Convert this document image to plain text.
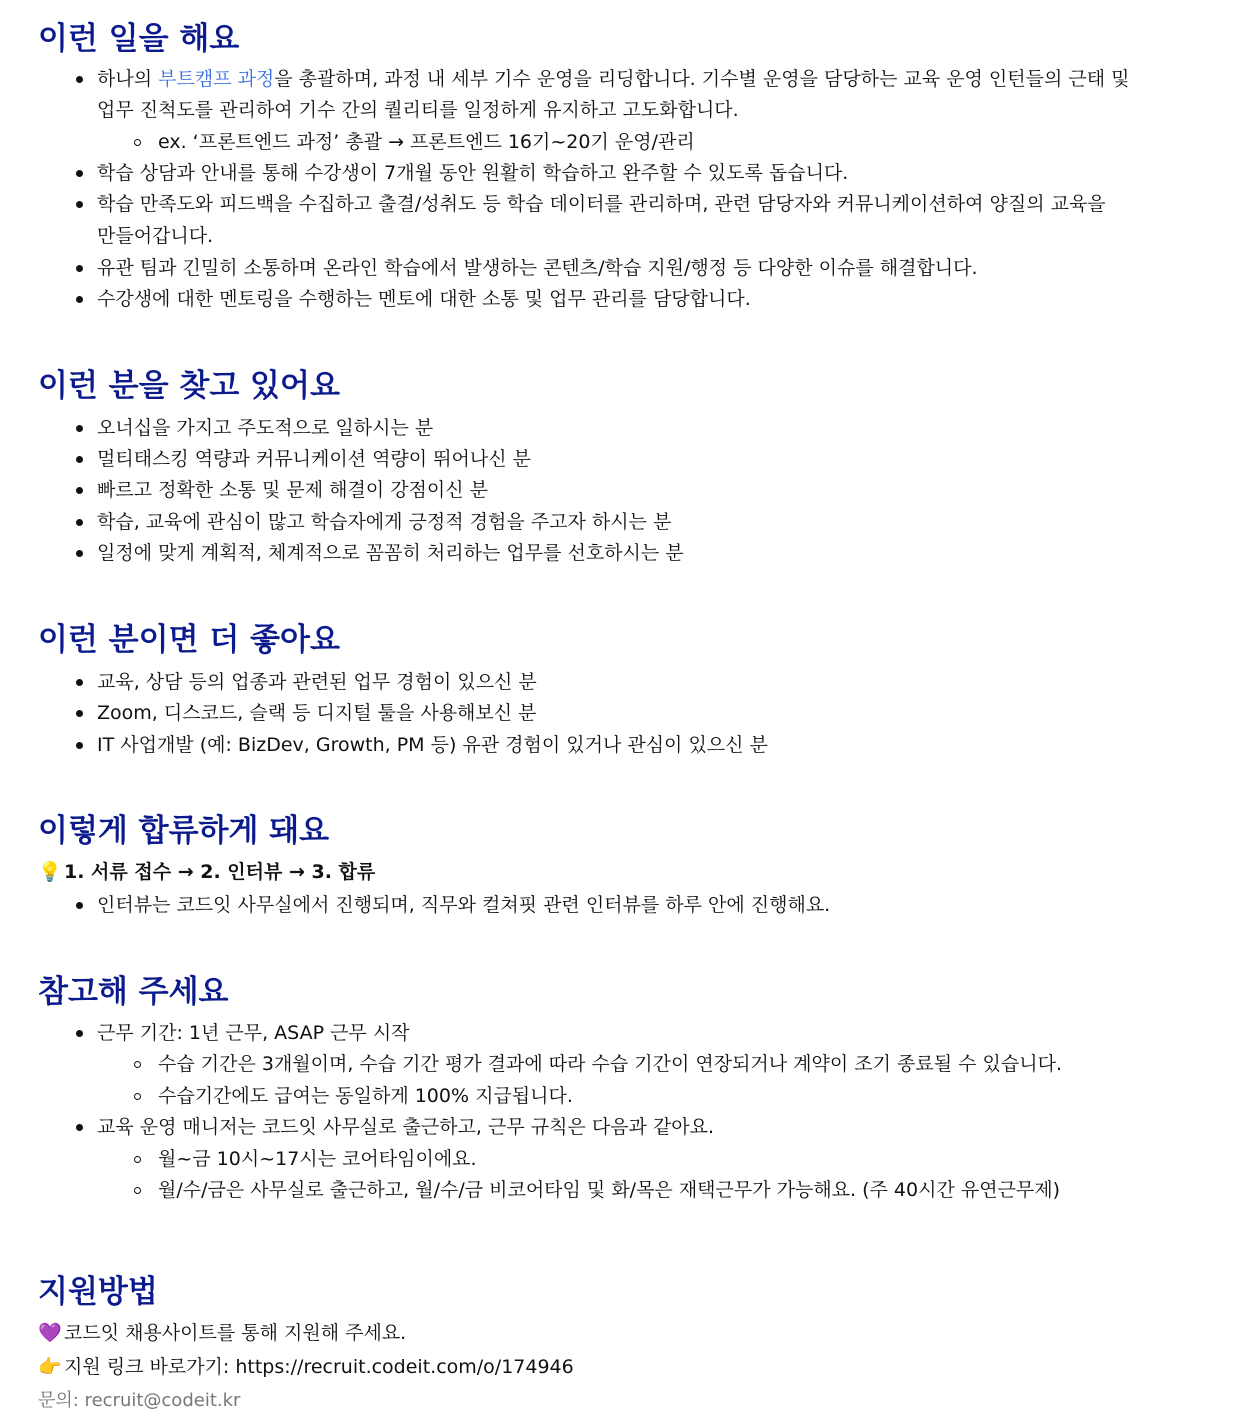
이런 일을 해요
하나의 부트캠프 과정을 총괄하며, 과정 내 세부 기수 운영을 리딩합니다. 기수별 운영을 담당하는 교육 운영 인턴들의 근태 및
업무 진척도를 관리하여 기수 간의 퀄리티를 일정하게 유지하고 고도화합니다.
ex. ‘프론트엔드 과정’ 총괄 → 프론트엔드 16기~20기 운영/관리
학습 상담과 안내를 통해 수강생이 7개월 동안 원활히 학습하고 완주할 수 있도록 돕습니다.
학습 만족도와 피드백을 수집하고 출결/성취도 등 학습 데이터를 관리하며, 관련 담당자와 커뮤니케이션하여 양질의 교육을
만들어갑니다.
유관 팀과 긴밀히 소통하며 온라인 학습에서 발생하는 콘텐츠/학습 지원/행정 등 다양한 이슈를 해결합니다.
수강생에 대한 멘토링을 수행하는 멘토에 대한 소통 및 업무 관리를 담당합니다.
이런 분을 찾고 있어요
오너십을 가지고 주도적으로 일하시는 분
멀티태스킹 역량과 커뮤니케이션 역량이 뛰어나신 분
빠르고 정확한 소통 및 문제 해결이 강점이신 분
학습, 교육에 관심이 많고 학습자에게 긍정적 경험을 주고자 하시는 분
일정에 맞게 계획적, 체계적으로 꼼꼼히 처리하는 업무를 선호하시는 분
이런 분이면 더 좋아요
교육, 상담 등의 업종과 관련된 업무 경험이 있으신 분
Zoom, 디스코드, 슬랙 등 디지털 툴을 사용해보신 분
IT 사업개발 (예: BizDev, Growth, PM 등) 유관 경험이 있거나 관심이 있으신 분
이렇게 합류하게 돼요
💡 1. 서류 접수 → 2. 인터뷰 → 3. 합류
인터뷰는 코드잇 사무실에서 진행되며, 직무와 컬쳐핏 관련 인터뷰를 하루 안에 진행해요.
참고해 주세요
근무 기간: 1년 근무, ASAP 근무 시작
수습 기간은 3개월이며, 수습 기간 평가 결과에 따라 수습 기간이 연장되거나 계약이 조기 종료될 수 있습니다.
수습기간에도 급여는 동일하게 100% 지급됩니다.
교육 운영 매니저는 코드잇 사무실로 출근하고, 근무 규칙은 다음과 같아요.
월~금 10시~17시는 코어타임이에요.
월/수/금은 사무실로 출근하고, 월/수/금 비코어타임 및 화/목은 재택근무가 가능해요. (주 40시간 유연근무제)
지원방법
💜 코드잇 채용사이트를 통해 지원해 주세요.
👉 지원 링크 바로가기: https://recruit.codeit.com/o/174946
문의: recruit@codeit.kr
